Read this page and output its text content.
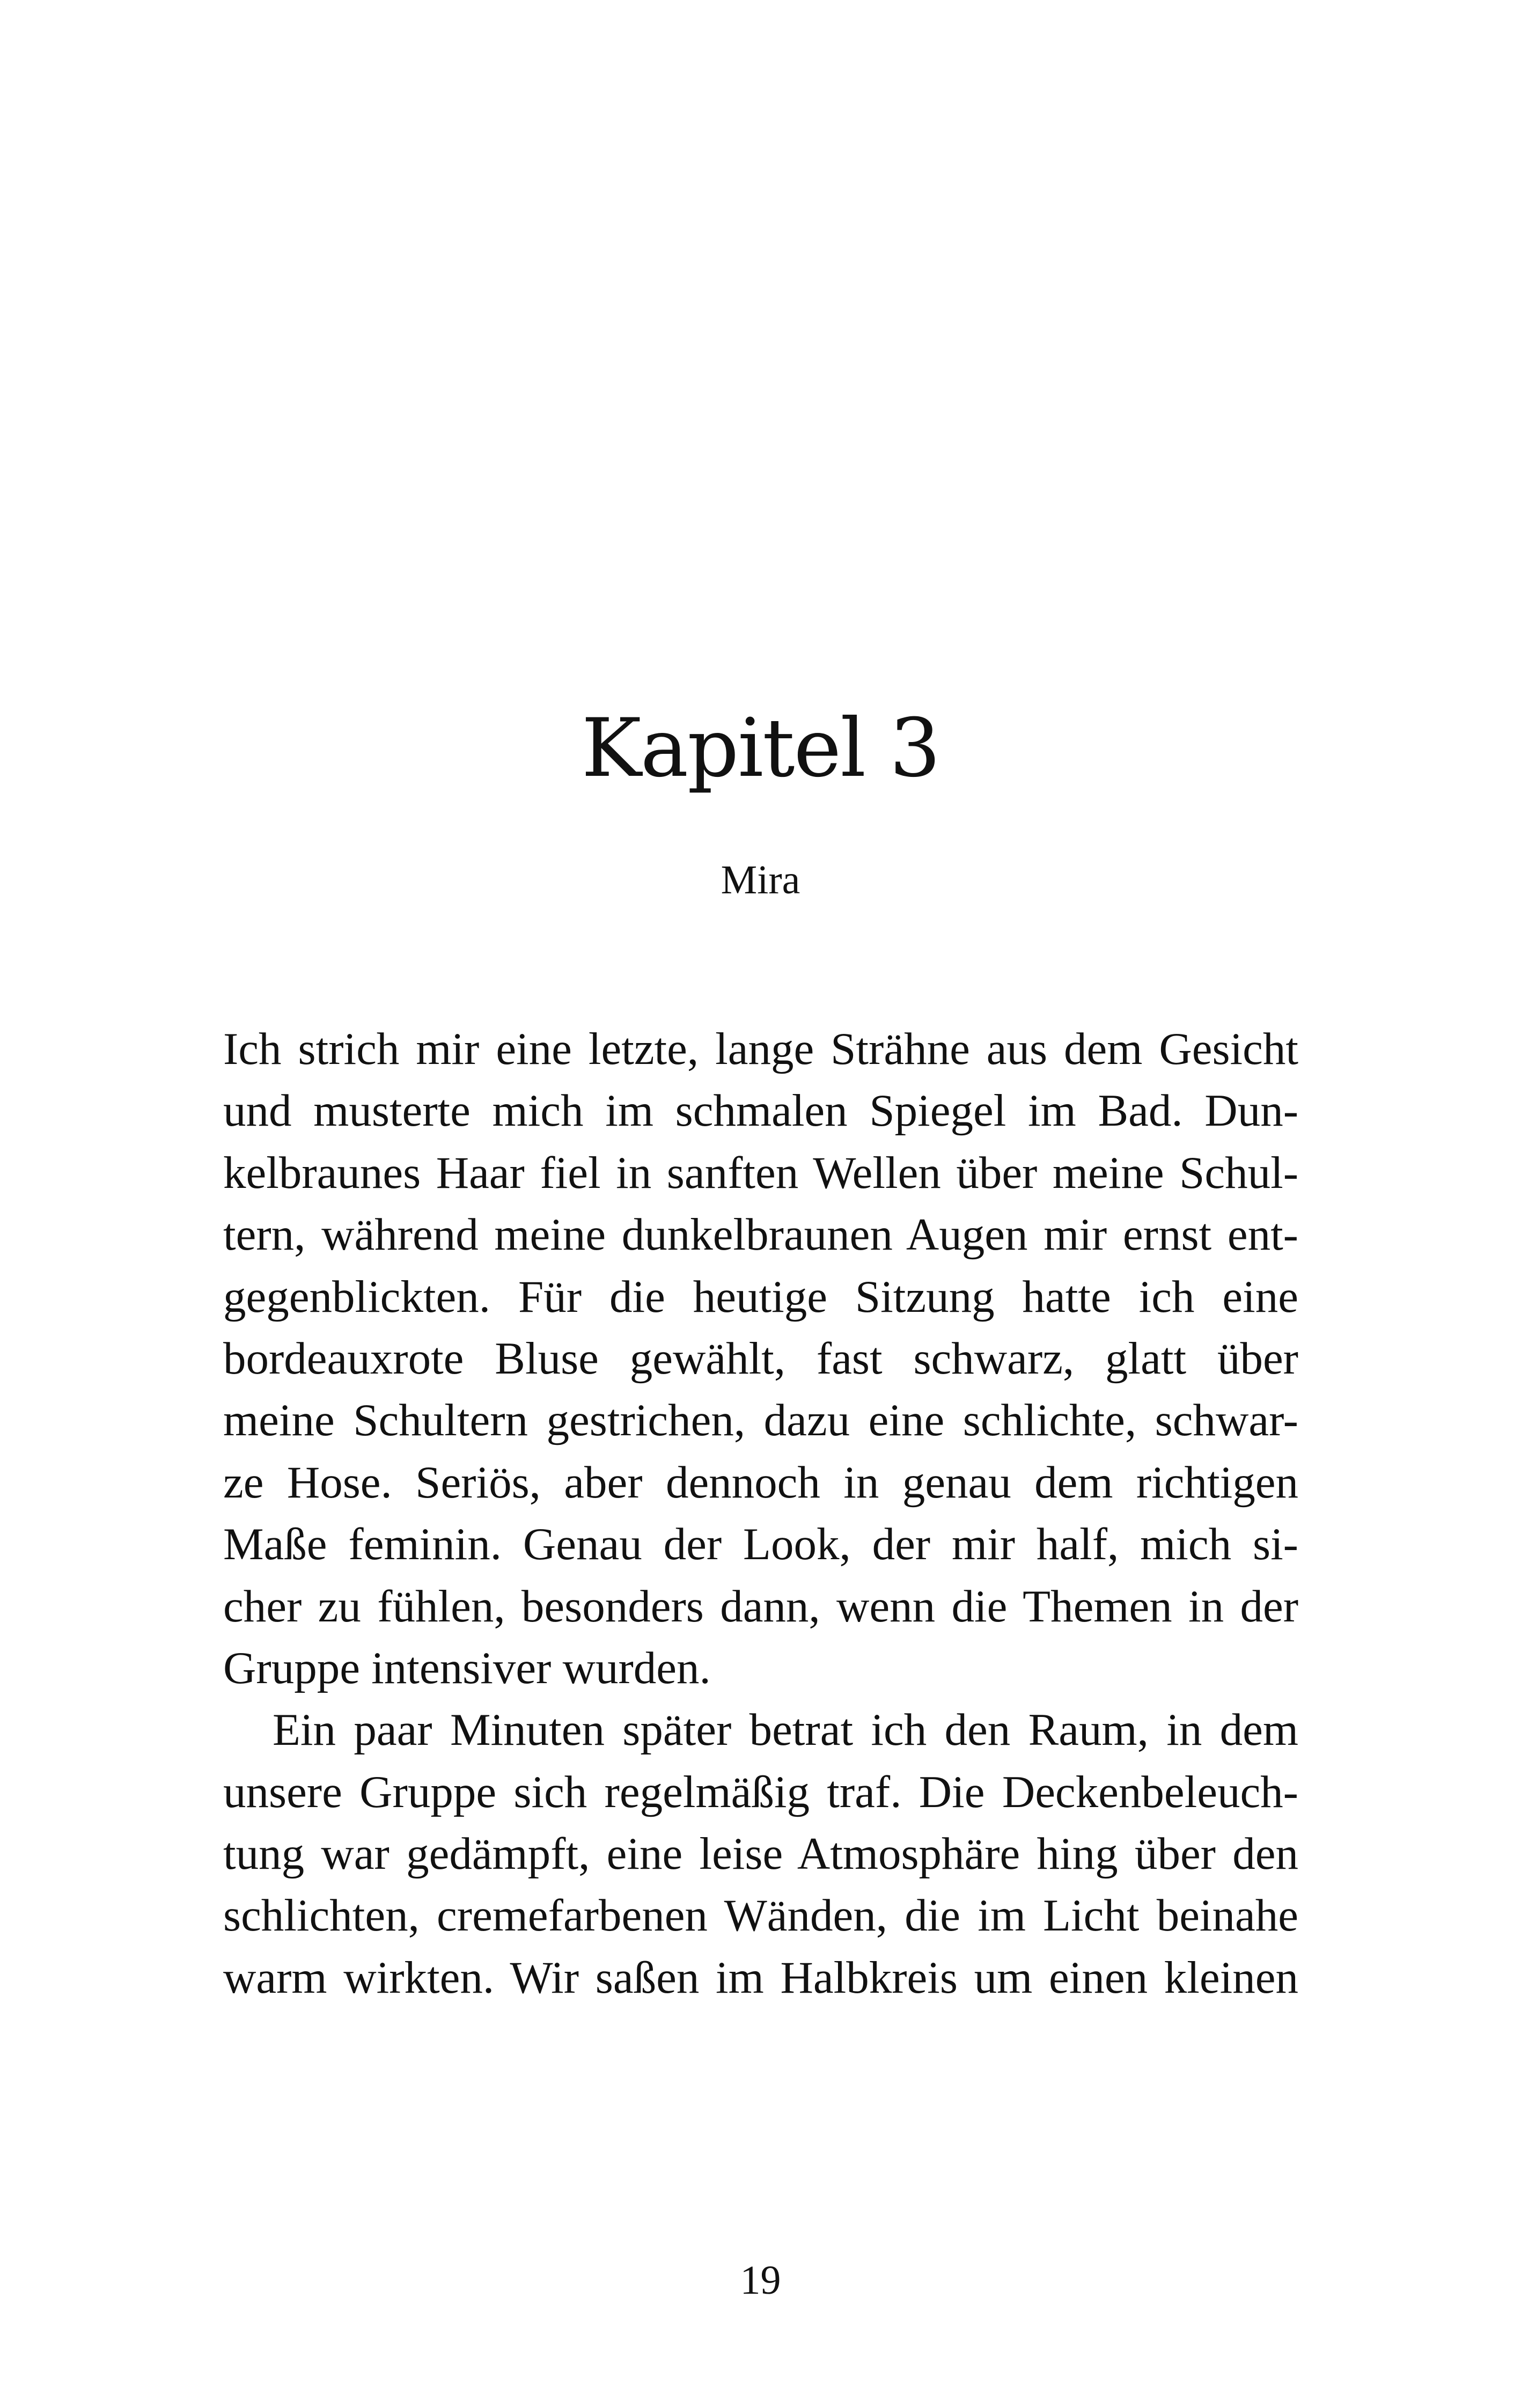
Kapitel 3
Mira
Ich strich mir eine letzte, lange Strähne aus dem Gesicht
und musterte mich im schmalen Spiegel im Bad. Dun-
kelbraunes Haar fiel in sanften Wellen über meine Schul-
tern, während meine dunkelbraunen Augen mir ernst ent-
gegenblickten. Für die heutige Sitzung hatte ich eine
bordeauxrote Bluse gewählt, fast schwarz, glatt über
meine Schultern gestrichen, dazu eine schlichte, schwar-
ze Hose. Seriös, aber dennoch in genau dem richtigen
Maße feminin. Genau der Look, der mir half, mich si-
cher zu fühlen, besonders dann, wenn die Themen in der
Gruppe intensiver wurden.
Ein paar Minuten später betrat ich den Raum, in dem
unsere Gruppe sich regelmäßig traf. Die Deckenbeleuch-
tung war gedämpft, eine leise Atmosphäre hing über den
schlichten, cremefarbenen Wänden, die im Licht beinahe
warm wirkten. Wir saßen im Halbkreis um einen kleinen
19
